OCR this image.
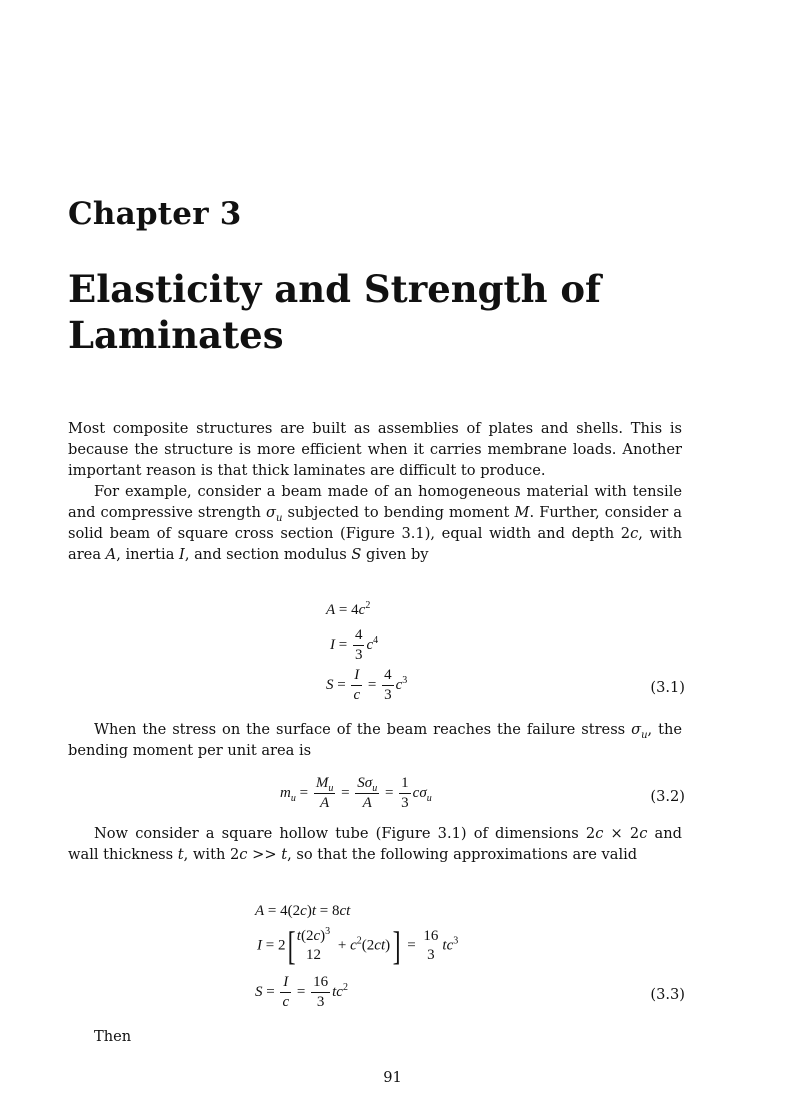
Chapter 3
Elasticity and Strength of Laminates

Most composite structures are built as assemblies of plates and shells. This is because the structure is more efficient when it carries membrane loads. Another important reason is that thick laminates are difficult to produce.

For example, consider a beam made of an homogeneous material with tensile and compressive strength $\sigma_u$ subjected to bending moment M. Further, consider a solid beam of square cross section (Figure 3.1), equal width and depth 2c, with area A, inertia I, and section modulus S given by

$A = 4c^2$
$I = \frac{4}{3} c^4$
$S = \frac{I}{c} = \frac{4}{3} c^3$	(3.1)

When the stress on the surface of the beam reaches the failure stress $\sigma_u$, the bending moment per unit area is

$m_u = \frac{M_u}{A} = \frac{S\sigma_u}{A} = \frac{1}{3} c\sigma_u$	(3.2)

Now consider a square hollow tube (Figure 3.1) of dimensions 2c × 2c and wall thickness t, with 2c >> t, so that the following approximations are valid

A = 4(2c)t = 8ct
I = 2[ $t(2c)^3$
12
+ $c^2(2ct)$] =
16
3
$tc^3$
$S = \frac{I}{c} = \frac{16}{3} tc^2$	(3.3)

Then

91
